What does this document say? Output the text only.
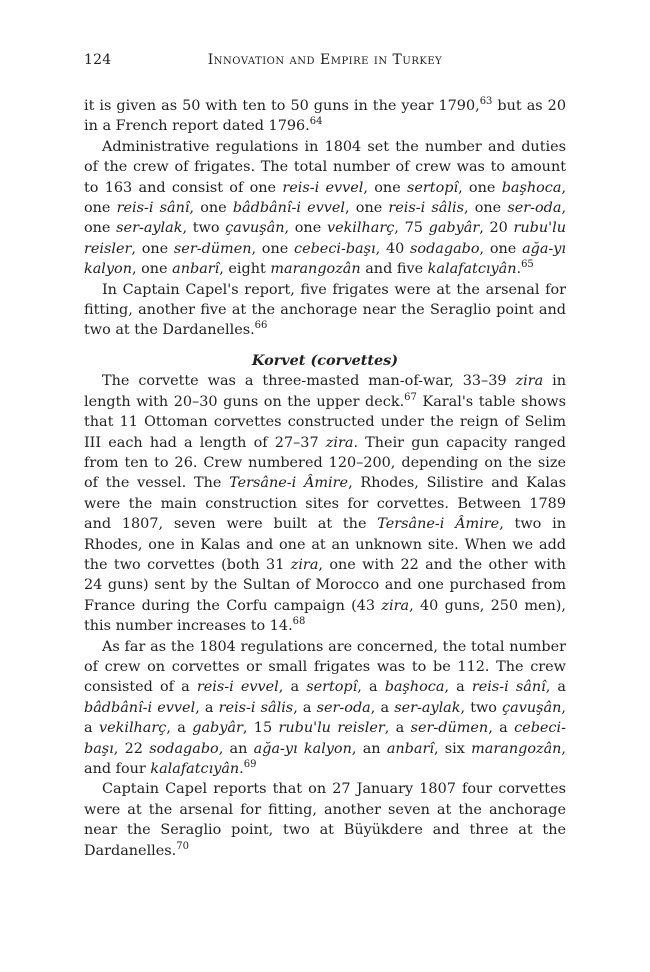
124	Innovation and Empire in Turkey

it is given as 50 with ten to 50 guns in the year 1790,63 but as 20 in a French report dated 1796.64

Administrative regulations in 1804 set the number and duties of the crew of frigates. The total number of crew was to amount to 163 and consist of one reis-i evvel, one sertopî, one başhoca, one reis-i sânî, one bâdbânî-i evvel, one reis-i sâlis, one ser-oda, one ser-aylak, two çavuşân, one vekilharç, 75 gabyâr, 20 rubu'lu reisler, one ser-dümen, one cebeci-başı, 40 sodagabo, one ağa-yı kalyon, one anbarî, eight marangozân and five kalafatcıyân.$^{65}$

In Captain Capel's report, five frigates were at the arsenal for fitting, another five at the anchorage near the Seraglio point and two at the Dardanelles.$^{66}$

Korvet (corvettes)

The corvette was a three-masted man-of-war, 33–39 zira in length with 20–30 guns on the upper deck.$^{67}$ Karal's table shows that 11 Ottoman corvettes constructed under the reign of Selim III each had a length of 27–37 zira. Their gun capacity ranged from ten to 26. Crew numbered 120–200, depending on the size of the vessel. The Tersâne-i Âmire, Rhodes, Silistire and Kalas were the main construction sites for corvettes. Between 1789 and 1807, seven were built at the Tersâne-i Âmire, two in Rhodes, one in Kalas and one at an unknown site. When we add the two corvettes (both 31 zira, one with 22 and the other with 24 guns) sent by the Sultan of Morocco and one purchased from France during the Corfu campaign (43 zira, 40 guns, 250 men), this number increases to 14.68

As far as the 1804 regulations are concerned, the total number of crew on corvettes or small frigates was to be 112. The crew consisted of a reis-i evvel, a sertopî, a başhoca, a reis-i sânî, a bâdbânî-i evvel, a reis-i sâlis, a ser-oda, a ser-aylak, two çavuşân, a vekilharç, a gabyâr, 15 rubu'lu reisler, a ser-dümen, a cebeci-başı, 22 sodagabo, an ağa-yı kalyon, an anbarî, six marangozân, and four kalafatcıyân.$^{69}$

Captain Capel reports that on 27 January 1807 four corvettes were at the arsenal for fitting, another seven at the anchorage near the Seraglio point, two at Büyükdere and three at the Dardanelles.$^{70}$
